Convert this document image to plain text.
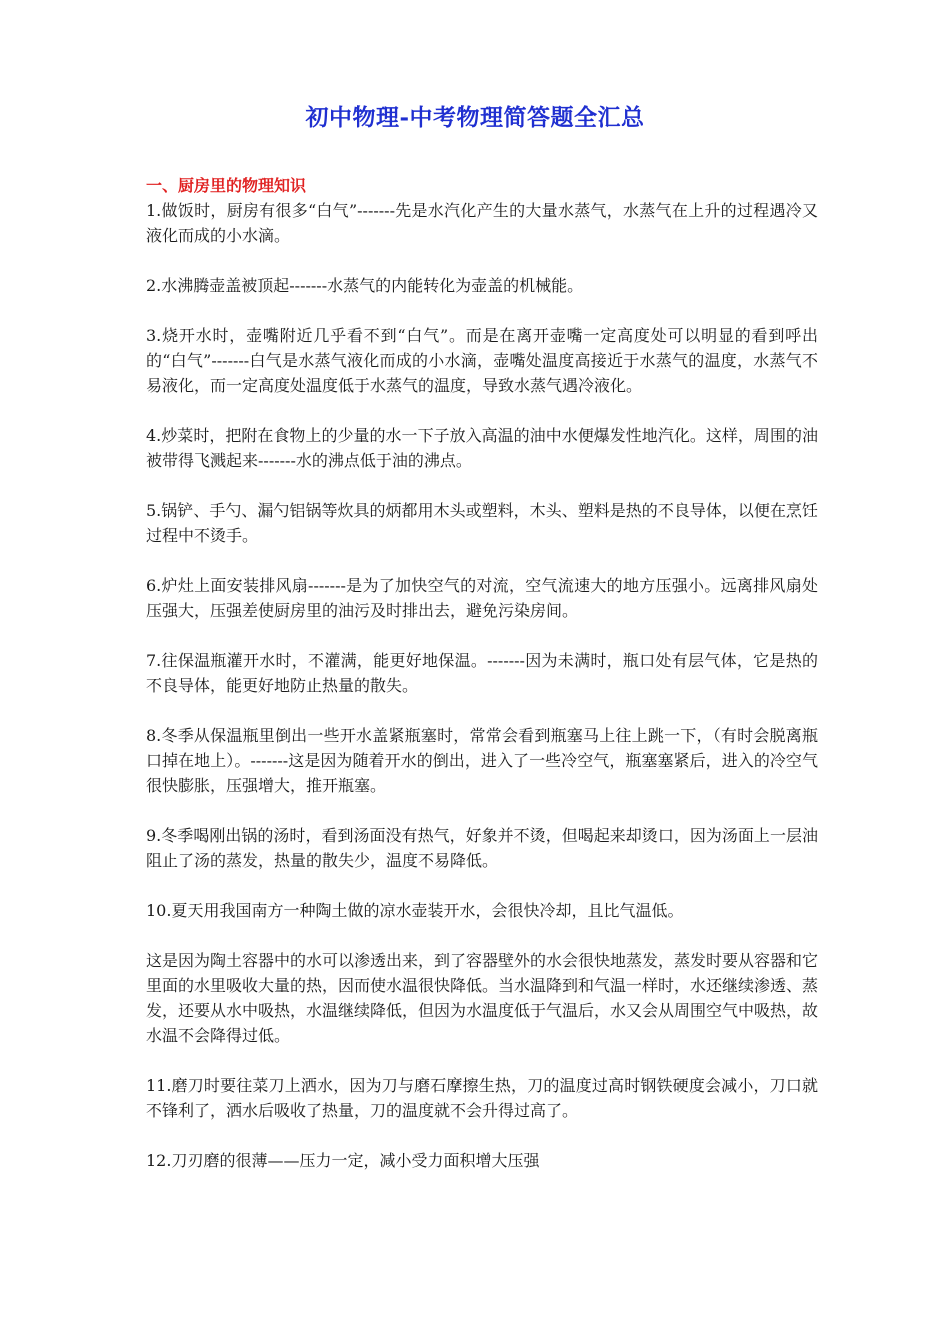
初中物理-中考物理简答题全汇总
一、厨房里的物理知识

1.做饭时，厨房有很多“白气”-------先是水汽化产生的大量水蒸气，水蒸气在上升的过程遇冷又液化而成的小水滴。

2.水沸腾壶盖被顶起-------水蒸气的内能转化为壶盖的机械能。

3.烧开水时，壶嘴附近几乎看不到“白气”。而是在离开壶嘴一定高度处可以明显的看到呼出的“白气”-------白气是水蒸气液化而成的小水滴，壶嘴处温度高接近于水蒸气的温度，水蒸气不易液化，而一定高度处温度低于水蒸气的温度，导致水蒸气遇冷液化。

4.炒菜时，把附在食物上的少量的水一下子放入高温的油中水便爆发性地汽化。这样，周围的油被带得飞溅起来-------水的沸点低于油的沸点。

5.锅铲、手勺、漏勺铝锅等炊具的炳都用木头或塑料，木头、塑料是热的不良导体，以便在烹饪过程中不烫手。

6.炉灶上面安装排风扇-------是为了加快空气的对流，空气流速大的地方压强小。远离排风扇处压强大，压强差使厨房里的油污及时排出去，避免污染房间。

7.往保温瓶灌开水时，不灌满，能更好地保温。-------因为未满时，瓶口处有层气体，它是热的不良导体，能更好地防止热量的散失。

8.冬季从保温瓶里倒出一些开水盖紧瓶塞时，常常会看到瓶塞马上往上跳一下，（有时会脱离瓶口掉在地上）。-------这是因为随着开水的倒出，进入了一些冷空气，瓶塞塞紧后，进入的冷空气很快膨胀，压强增大，推开瓶塞。

9.冬季喝刚出锅的汤时，看到汤面没有热气，好象并不烫，但喝起来却烫口，因为汤面上一层油阻止了汤的蒸发，热量的散失少，温度不易降低。

10.夏天用我国南方一种陶土做的凉水壶装开水，会很快冷却，且比气温低。

这是因为陶土容器中的水可以渗透出来，到了容器壁外的水会很快地蒸发，蒸发时要从容器和它里面的水里吸收大量的热，因而使水温很快降低。当水温降到和气温一样时，水还继续渗透、蒸发，还要从水中吸热，水温继续降低，但因为水温度低于气温后，水又会从周围空气中吸热，故水温不会降得过低。

11.磨刀时要往菜刀上洒水，因为刀与磨石摩擦生热，刀的温度过高时钢铁硬度会减小，刀口就不锋利了，洒水后吸收了热量，刀的温度就不会升得过高了。

12.刀刃磨的很薄——压力一定，减小受力面积增大压强
